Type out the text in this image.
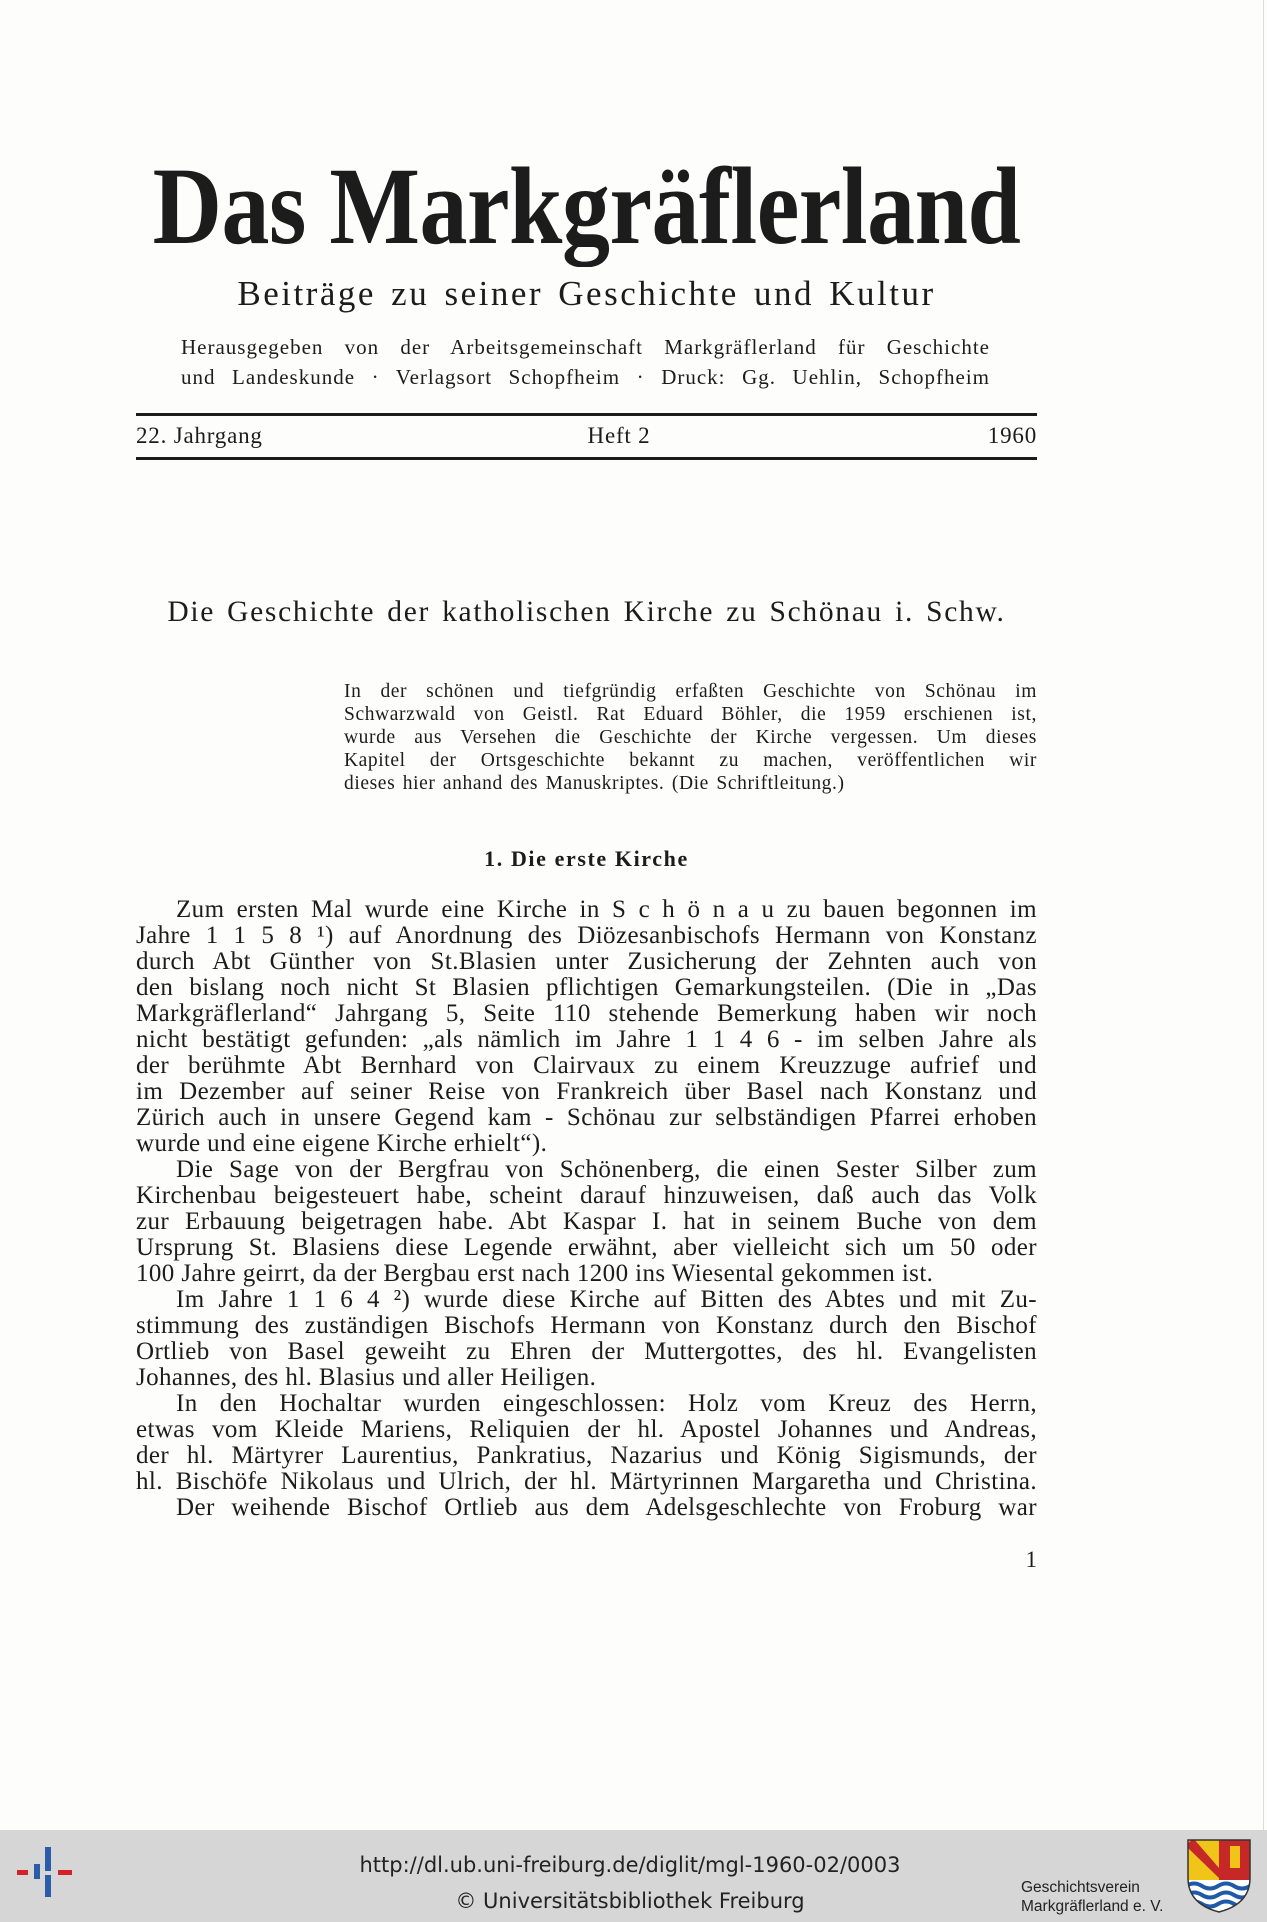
Das Markgräflerland
Beiträge zu seiner Geschichte und Kultur
Herausgegeben von der Arbeitsgemeinschaft Markgräflerland für Geschichte
und Landeskunde · Verlagsort Schopfheim · Druck: Gg. Uehlin, Schopfheim
22. Jahrgang	Heft 2	1960
Die Geschichte der katholischen Kirche zu Schönau i. Schw.
In der schönen und tiefgründig erfaßten Geschichte von Schönau im
Schwarzwald von Geistl. Rat Eduard Böhler, die 1959 erschienen ist,
wurde aus Versehen die Geschichte der Kirche vergessen. Um dieses
Kapitel der Ortsgeschichte bekannt zu machen, veröffentlichen wir
dieses hier anhand des Manuskriptes. (Die Schriftleitung.)
1. Die erste Kirche
Zum ersten Mal wurde eine Kirche in S c h ö n a u zu bauen begonnen im
Jahre 1 1 5 8 ¹) auf Anordnung des Diözesanbischofs Hermann von Konstanz
durch Abt Günther von St.Blasien unter Zusicherung der Zehnten auch von
den bislang noch nicht St Blasien pflichtigen Gemarkungsteilen. (Die in „Das
Markgräflerland“ Jahrgang 5, Seite 110 stehende Bemerkung haben wir noch
nicht bestätigt gefunden: „als nämlich im Jahre 1 1 4 6 - im selben Jahre als
der berühmte Abt Bernhard von Clairvaux zu einem Kreuzzuge aufrief und
im Dezember auf seiner Reise von Frankreich über Basel nach Konstanz und
Zürich auch in unsere Gegend kam - Schönau zur selbständigen Pfarrei erhoben
wurde und eine eigene Kirche erhielt“).
Die Sage von der Bergfrau von Schönenberg, die einen Sester Silber zum
Kirchenbau beigesteuert habe, scheint darauf hinzuweisen, daß auch das Volk
zur Erbauung beigetragen habe. Abt Kaspar I. hat in seinem Buche von dem
Ursprung St. Blasiens diese Legende erwähnt, aber vielleicht sich um 50 oder
100 Jahre geirrt, da der Bergbau erst nach 1200 ins Wiesental gekommen ist.
Im Jahre 1 1 6 4 ²) wurde diese Kirche auf Bitten des Abtes und mit Zu-
stimmung des zuständigen Bischofs Hermann von Konstanz durch den Bischof
Ortlieb von Basel geweiht zu Ehren der Muttergottes, des hl. Evangelisten
Johannes, des hl. Blasius und aller Heiligen.
In den Hochaltar wurden eingeschlossen: Holz vom Kreuz des Herrn,
etwas vom Kleide Mariens, Reliquien der hl. Apostel Johannes und Andreas,
der hl. Märtyrer Laurentius, Pankratius, Nazarius und König Sigismunds, der
hl. Bischöfe Nikolaus und Ulrich, der hl. Märtyrinnen Margaretha und Christina.
Der weihende Bischof Ortlieb aus dem Adelsgeschlechte von Froburg war
1
http://dl.ub.uni-freiburg.de/diglit/mgl-1960-02/0003
© Universitätsbibliothek Freiburg
Geschichtsverein
Markgräflerland e. V.
